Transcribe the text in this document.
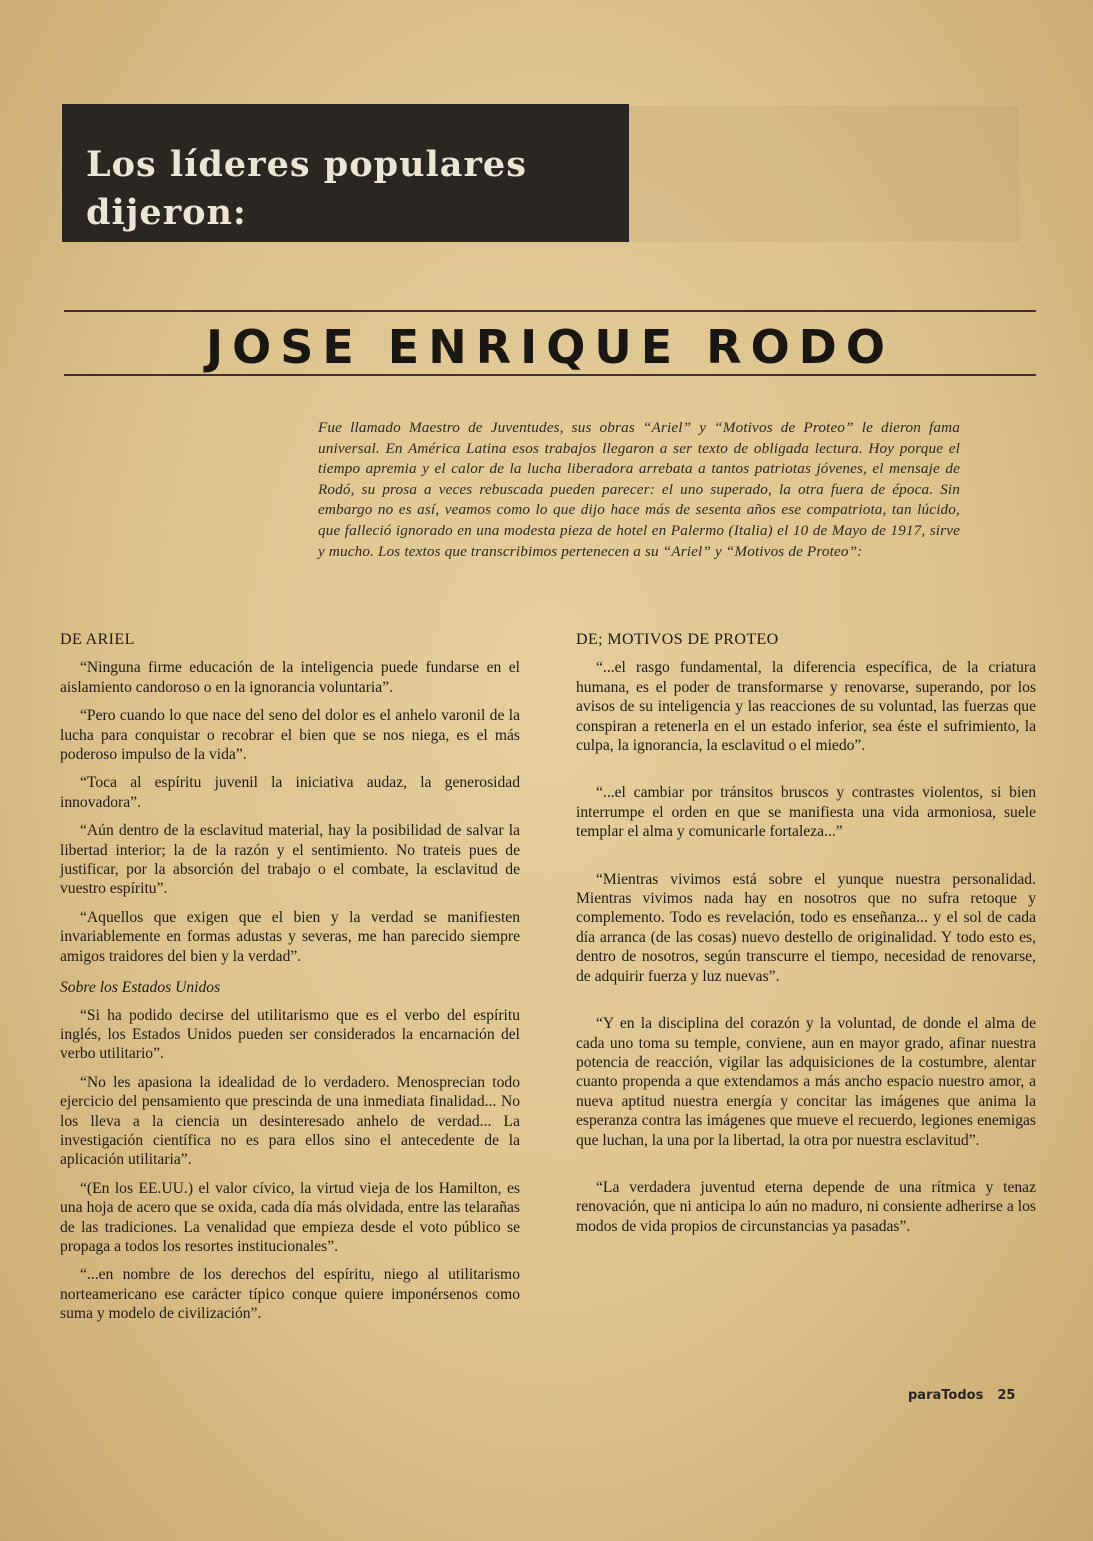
Los líderes populares
dijeron:
JOSE ENRIQUE RODO
Fue llamado Maestro de Juventudes, sus obras “Ariel” y “Motivos de Proteo” le dieron fama universal. En América Latina esos trabajos llegaron a ser texto de obligada lectura. Hoy porque el tiempo apremia y el calor de la lucha liberadora arrebata a tantos patriotas jóvenes, el mensaje de Rodó, su prosa a veces rebuscada pueden parecer: el uno superado, la otra fuera de época. Sin embargo no es así, veamos como lo que dijo hace más de sesenta años ese compatriota, tan lúcido, que falleció ignorado en una modesta pieza de hotel en Palermo (Italia) el 10 de Mayo de 1917, sirve y mucho. Los textos que transcribimos pertenecen a su “Ariel” y “Motivos de Proteo”:
DE ARIEL

“Ninguna firme educación de la inteligencia puede fundarse en el aislamiento candoroso o en la ignorancia voluntaria”.

“Pero cuando lo que nace del seno del dolor es el anhelo varonil de la lucha para conquistar o recobrar el bien que se nos niega, es el más poderoso impulso de la vida”.

“Toca al espíritu juvenil la iniciativa audaz, la generosidad innovadora”.

“Aún dentro de la esclavitud material, hay la posibilidad de salvar la libertad interior; la de la razón y el sentimiento. No trateis pues de justificar, por la absorción del trabajo o el combate, la esclavitud de vuestro espíritu”.

“Aquellos que exigen que el bien y la verdad se manifiesten invariablemente en formas adustas y severas, me han parecido siempre amigos traidores del bien y la verdad”.

Sobre los Estados Unidos

“Si ha podido decirse del utilitarismo que es el verbo del espíritu inglés, los Estados Unidos pueden ser considerados la encarnación del verbo utilitario”.

“No les apasiona la idealidad de lo verdadero. Menosprecian todo ejercicio del pensamiento que prescinda de una inmediata finalidad... No los lleva a la ciencia un desinteresado anhelo de verdad... La investigación científica no es para ellos sino el antecedente de la aplicación utilitaria”.

“(En los EE.UU.) el valor cívico, la virtud vieja de los Hamilton, es una hoja de acero que se oxida, cada día más olvidada, entre las telarañas de las tradiciones. La venalidad que empieza desde el voto público se propaga a todos los resortes institucionales”.

“...en nombre de los derechos del espíritu, niego al utilitarismo norteamericano ese carácter típico conque quiere imponérsenos como suma y modelo de civilización”.

DE; MOTIVOS DE PROTEO

“...el rasgo fundamental, la diferencia específica, de la criatura humana, es el poder de transformarse y renovarse, superando, por los avisos de su inteligencia y las reacciones de su voluntad, las fuerzas que conspiran a retenerla en el un estado inferior, sea éste el sufrimiento, la culpa, la ignorancia, la esclavitud o el miedo”.

“...el cambiar por tránsitos bruscos y contrastes violentos, si bien interrumpe el orden en que se manifiesta una vida armoniosa, suele templar el alma y comunicarle fortaleza...”

“Mientras vivimos está sobre el yunque nuestra personalidad. Mientras vivimos nada hay en nosotros que no sufra retoque y complemento. Todo es revelación, todo es enseñanza... y el sol de cada día arranca (de las cosas) nuevo destello de originalidad. Y todo esto es, dentro de nosotros, según transcurre el tiempo, necesidad de renovarse, de adquirir fuerza y luz nuevas”.

“Y en la disciplina del corazón y la voluntad, de donde el alma de cada uno toma su temple, conviene, aun en mayor grado, afinar nuestra potencia de reacción, vigilar las adquisiciones de la costumbre, alentar cuanto propenda a que extendamos a más ancho espacio nuestro amor, a nueva aptitud nuestra energía y concitar las imágenes que anima la esperanza contra las imágenes que mueve el recuerdo, legiones enemigas que luchan, la una por la libertad, la otra por nuestra esclavitud”.

“La verdadera juventud eterna depende de una rítmica y tenaz renovación, que ni anticipa lo aún no maduro, ni consiente adherirse a los modos de vida propios de circunstancias ya pasadas”.

paraTodos 25
